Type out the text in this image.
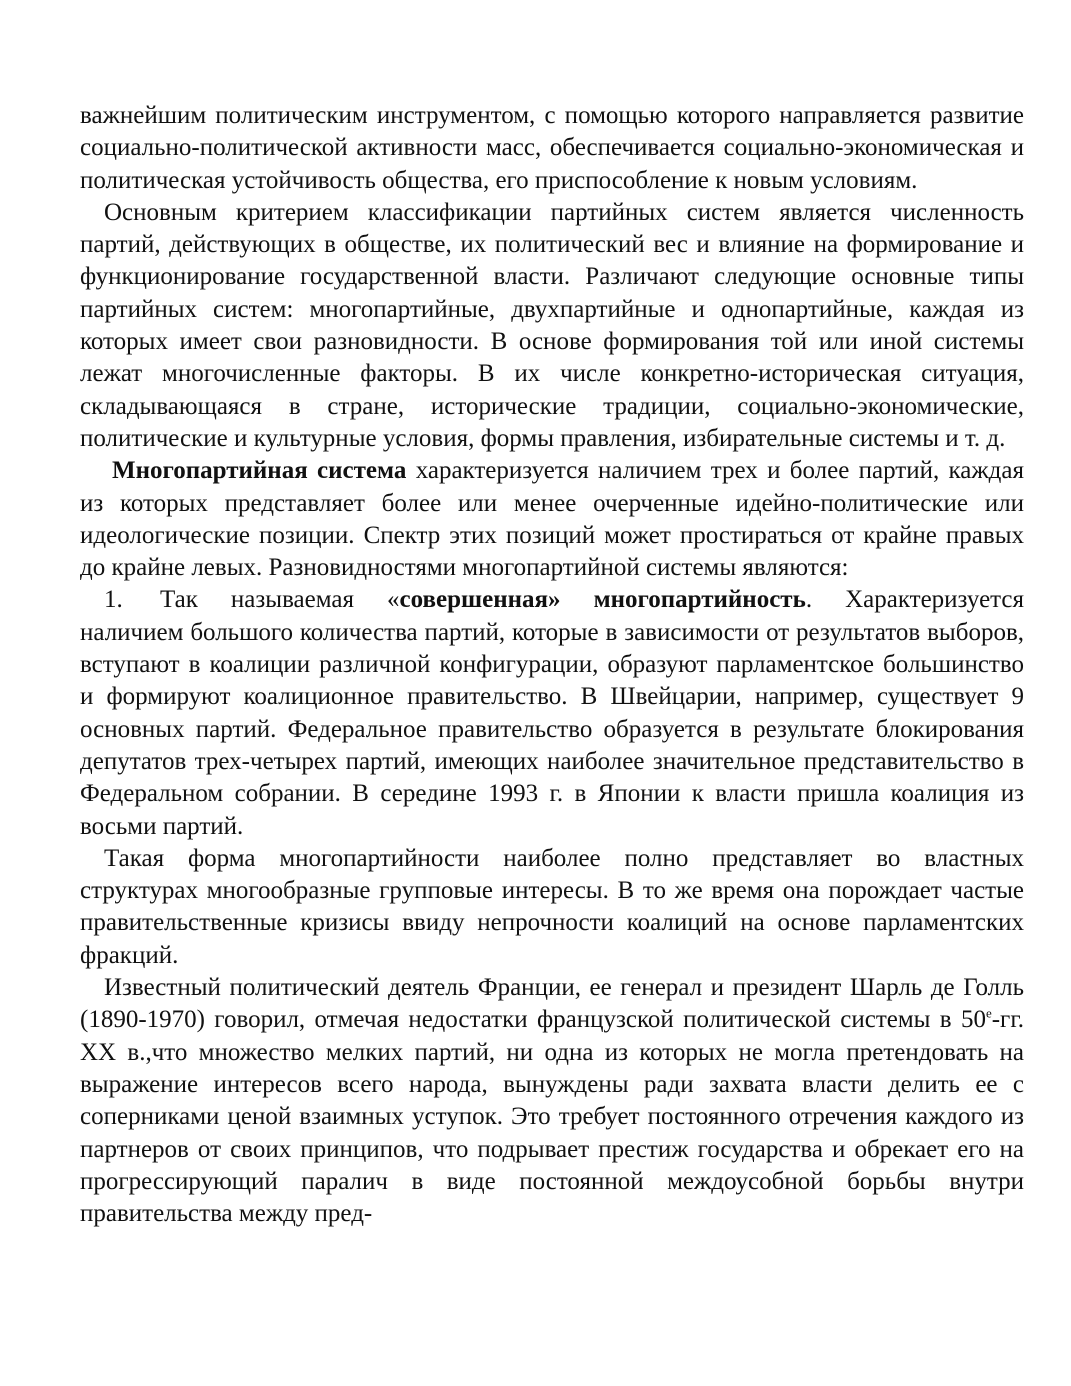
важнейшим политическим инструментом, с помощью которого направляется развитие социально-политической активности масс, обеспечивается социально-экономическая и политическая устойчивость общества, его приспособление к новым условиям.

Основным критерием классификации партийных систем является численность партий, действующих в обществе, их политический вес и влияние на формирование и функционирование государственной власти. Различают следующие основные типы партийных систем: многопартийные, двухпартийные и однопартийные, каждая из которых имеет свои разновидности. В основе формирования той или иной системы лежат многочисленные факторы. В их числе конкретно-историческая ситуация, складывающаяся в стране, исторические традиции, социально-экономические, политические и культурные условия, формы правления, избирательные системы и т. д.

Многопартийная система характеризуется наличием трех и более партий, каждая из которых представляет более или менее очерченные идейно-политические или идеологические позиции. Спектр этих позиций может простираться от крайне правых до крайне левых. Разновидностями многопартийной системы являются:

1. Так называемая «совершенная» многопартийность. Характеризуется наличием большого количества партий, которые в зависимости от результатов выборов, вступают в коалиции различной конфигурации, образуют парламентское большинство и формируют коалиционное правительство. В Швейцарии, например, существует 9 основных партий. Федеральное правительство образуется в результате блокирования депутатов трех-четырех партий, имеющих наиболее значительное представительство в Федеральном собрании. В середине 1993 г. в Японии к власти пришла коалиция из восьми партий.

Такая форма многопартийности наиболее полно представляет во властных структурах многообразные групповые интересы. В то же время она порождает частые правительственные кризисы ввиду непрочности коалиций на основе парламентских фракций.

Известный политический деятель Франции, ее генерал и президент Шарль де Голль (1890-1970) говорил, отмечая недостатки французской политической системы в $50^е-гг$. XX в.,что множество мелких партий, ни одна из которых не могла претендовать на выражение интересов всего народа, вынуждены ради захвата власти делить ее с соперниками ценой взаимных уступок. Это требует постоянного отречения каждого из партнеров от своих принципов, что подрывает престиж государства и обрекает его на прогрессирующий паралич в виде постоянной междоусобной борьбы внутри правительства между пред-
